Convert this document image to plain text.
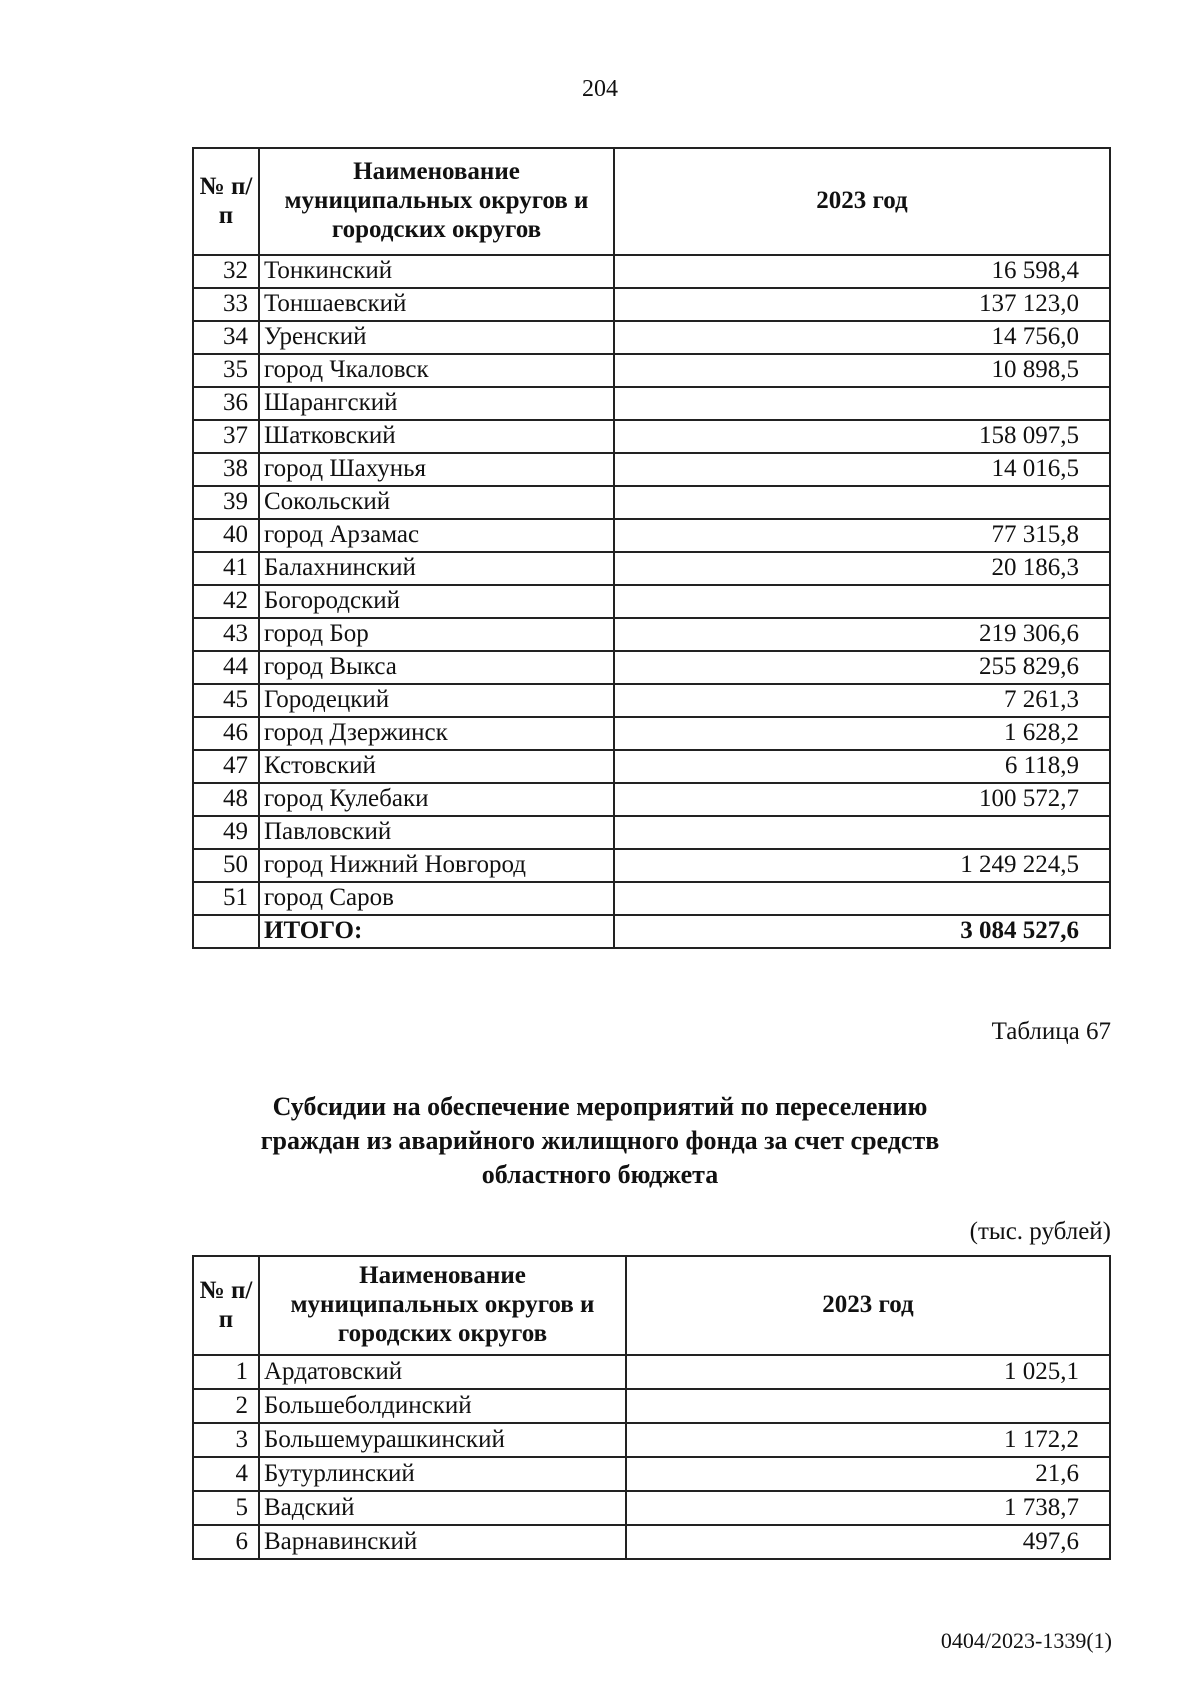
204
№ п/п	Наименование муниципальных округов и городских округов	2023 год
32	Тонкинский	16 598,4
33	Тоншаевский	137 123,0
34	Уренский	14 756,0
35	город Чкаловск	10 898,5
36	Шарангский	
37	Шатковский	158 097,5
38	город Шахунья	14 016,5
39	Сокольский	
40	город Арзамас	77 315,8
41	Балахнинский	20 186,3
42	Богородский	
43	город Бор	219 306,6
44	город Выкса	255 829,6
45	Городецкий	7 261,3
46	город Дзержинск	1 628,2
47	Кстовский	6 118,9
48	город Кулебаки	100 572,7
49	Павловский	
50	город Нижний Новгород	1 249 224,5
51	город Саров	
	ИТОГО:	3 084 527,6
Таблица 67
Субсидии на обеспечение мероприятий по переселению
граждан из аварийного жилищного фонда за счет средств
областного бюджета
(тыс. рублей)
№ п/п	Наименование муниципальных округов и городских округов	2023 год
1	Ардатовский	1 025,1
2	Большеболдинский	
3	Большемурашкинский	1 172,2
4	Бутурлинский	21,6
5	Вадский	1 738,7
6	Варнавинский	497,6
0404/2023-1339(1)
